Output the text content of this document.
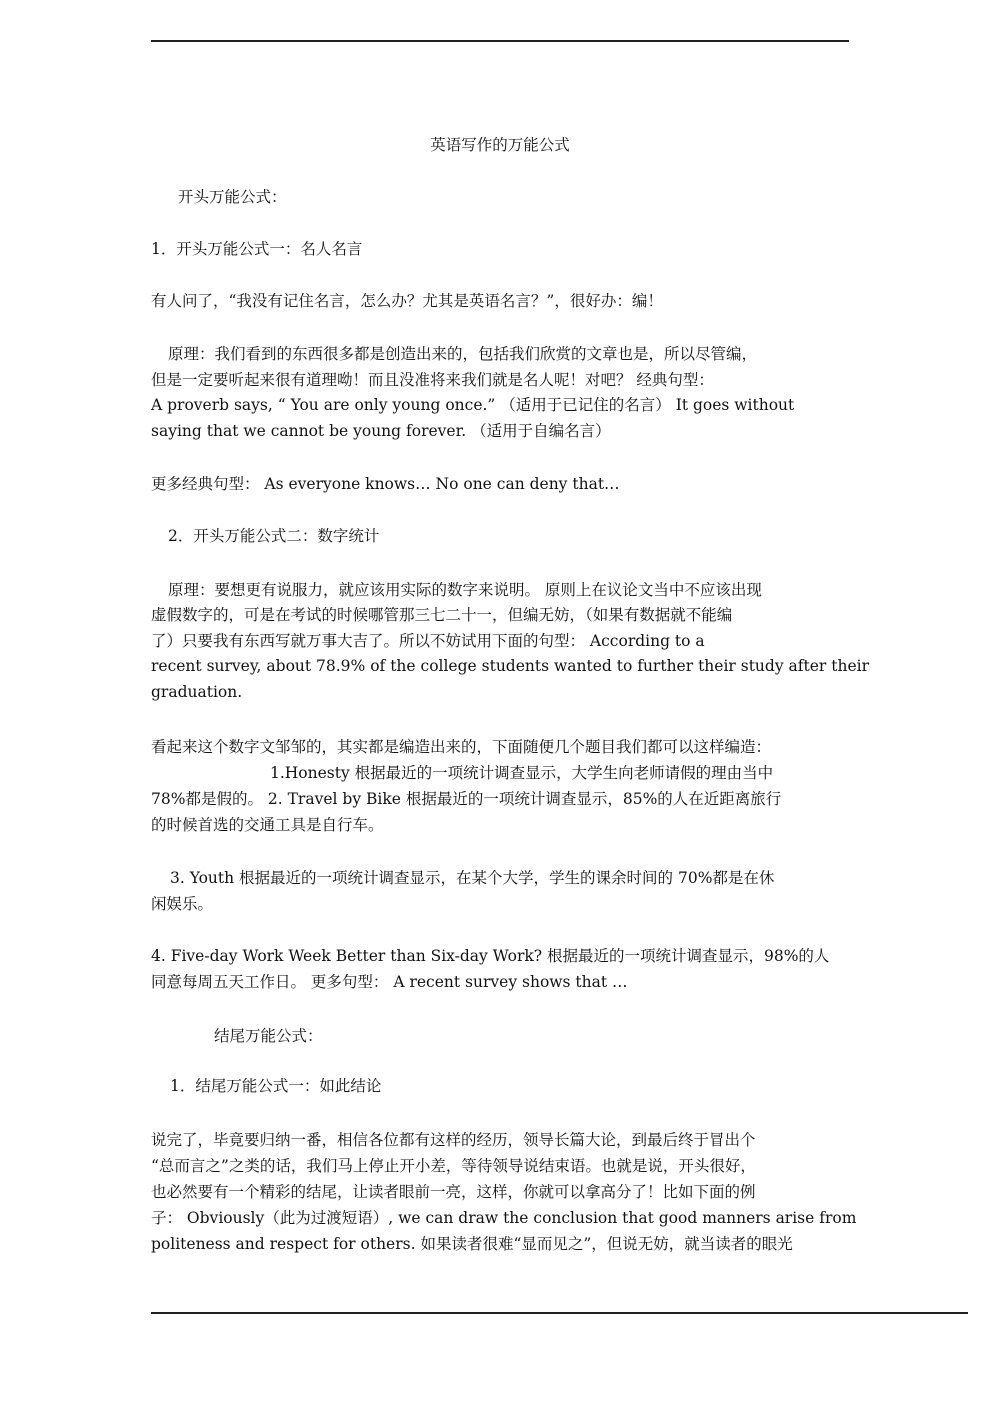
英语写作的万能公式
开头万能公式：
1．开头万能公式一：名人名言
有人问了，“我没有记住名言，怎么办？尤其是英语名言？”，很好办：编！
原理：我们看到的东西很多都是创造出来的，包括我们欣赏的文章也是，所以尽管编，
但是一定要听起来很有道理呦！而且没准将来我们就是名人呢！对吧？ 经典句型：
A proverb says, “ You are only young once.” （适用于已记住的名言） It goes without
saying that we cannot be young forever. （适用于自编名言）
更多经典句型： As everyone knows… No one can deny that…
2．开头万能公式二：数字统计
原理：要想更有说服力，就应该用实际的数字来说明。 原则上在议论文当中不应该出现
虚假数字的，可是在考试的时候哪管那三七二十一，但编无妨，（如果有数据就不能编
了）只要我有东西写就万事大吉了。所以不妨试用下面的句型： According to a
recent survey, about 78.9% of the college students wanted to further their study after their
graduation.
看起来这个数字文邹邹的，其实都是编造出来的，下面随便几个题目我们都可以这样编造：
1.Honesty 根据最近的一项统计调查显示，大学生向老师请假的理由当中
78%都是假的。 2. Travel by Bike 根据最近的一项统计调查显示，85%的人在近距离旅行
的时候首选的交通工具是自行车。
3. Youth 根据最近的一项统计调查显示，在某个大学，学生的课余时间的 70%都是在休
闲娱乐。
4. Five-day Work Week Better than Six-day Work? 根据最近的一项统计调查显示，98%的人
同意每周五天工作日。 更多句型： A recent survey shows that …
结尾万能公式：
1．结尾万能公式一：如此结论
说完了，毕竟要归纳一番，相信各位都有这样的经历，领导长篇大论，到最后终于冒出个
“总而言之”之类的话，我们马上停止开小差，等待领导说结束语。也就是说，开头很好，
也必然要有一个精彩的结尾，让读者眼前一亮，这样，你就可以拿高分了！比如下面的例
子： Obviously（此为过渡短语）, we can draw the conclusion that good manners arise from
politeness and respect for others. 如果读者很难“显而见之”，但说无妨，就当读者的眼光
